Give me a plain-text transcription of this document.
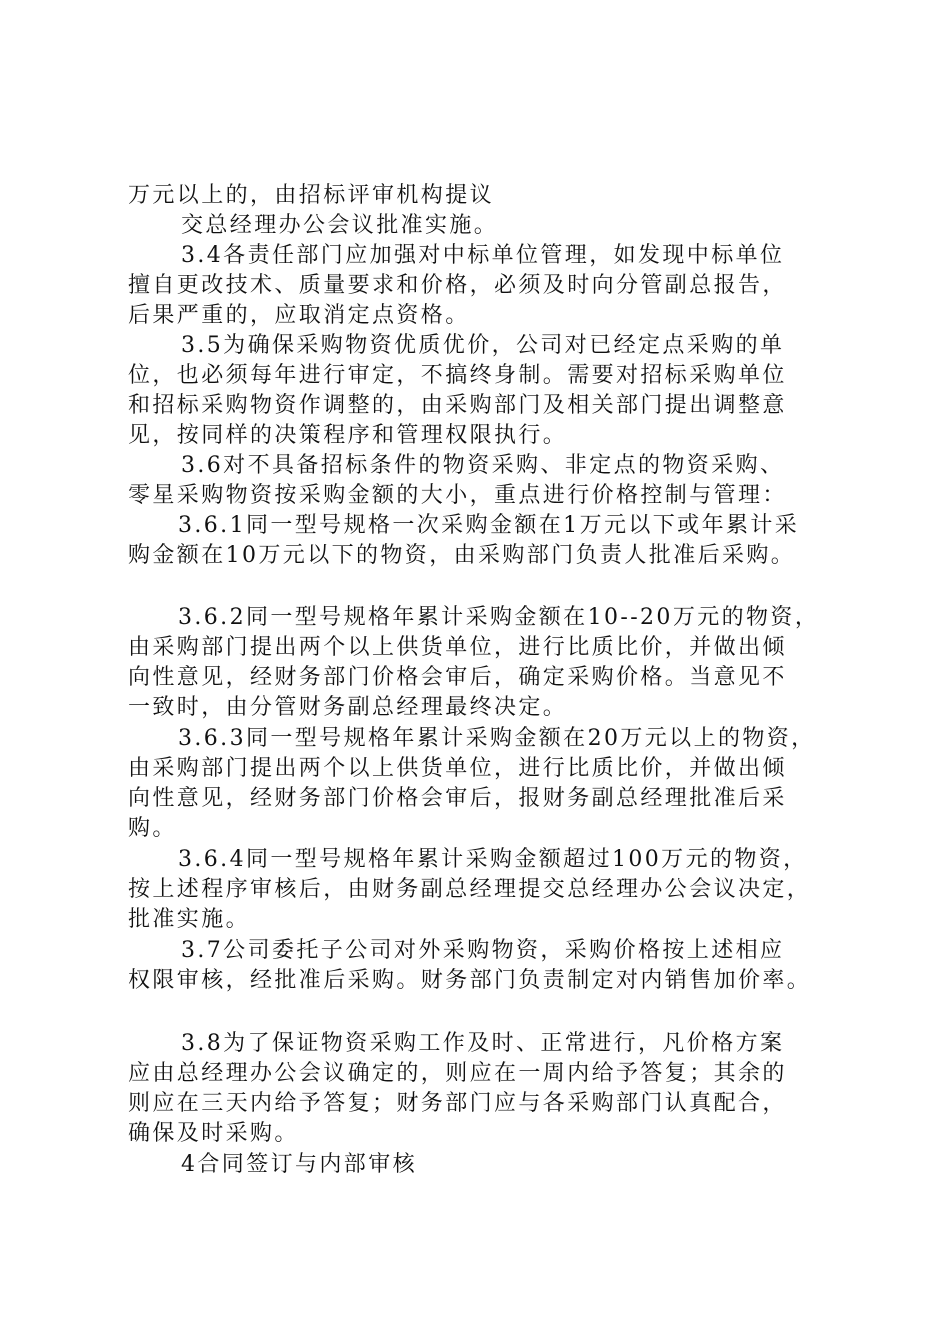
万元以上的，由招标评审机构提议
交总经理办公会议批准实施。
3.4各责任部门应加强对中标单位管理，如发现中标单位
擅自更改技术、质量要求和价格，必须及时向分管副总报告，
后果严重的，应取消定点资格。
3.5为确保采购物资优质优价，公司对已经定点采购的单
位，也必须每年进行审定，不搞终身制。需要对招标采购单位
和招标采购物资作调整的，由采购部门及相关部门提出调整意
见，按同样的决策程序和管理权限执行。
3.6对不具备招标条件的物资采购、非定点的物资采购、
零星采购物资按采购金额的大小，重点进行价格控制与管理：
3.6.1同一型号规格一次采购金额在1万元以下或年累计采
购金额在10万元以下的物资，由采购部门负责人批准后采购。
3.6.2同一型号规格年累计采购金额在10--20万元的物资，
由采购部门提出两个以上供货单位，进行比质比价，并做出倾
向性意见，经财务部门价格会审后，确定采购价格。当意见不
一致时，由分管财务副总经理最终决定。
3.6.3同一型号规格年累计采购金额在20万元以上的物资，
由采购部门提出两个以上供货单位，进行比质比价，并做出倾
向性意见，经财务部门价格会审后，报财务副总经理批准后采
购。
3.6.4同一型号规格年累计采购金额超过100万元的物资，
按上述程序审核后，由财务副总经理提交总经理办公会议决定，
批准实施。
3.7公司委托子公司对外采购物资，采购价格按上述相应
权限审核，经批准后采购。财务部门负责制定对内销售加价率。
3.8为了保证物资采购工作及时、正常进行，凡价格方案
应由总经理办公会议确定的，则应在一周内给予答复；其余的
则应在三天内给予答复；财务部门应与各采购部门认真配合，
确保及时采购。
4合同签订与内部审核
